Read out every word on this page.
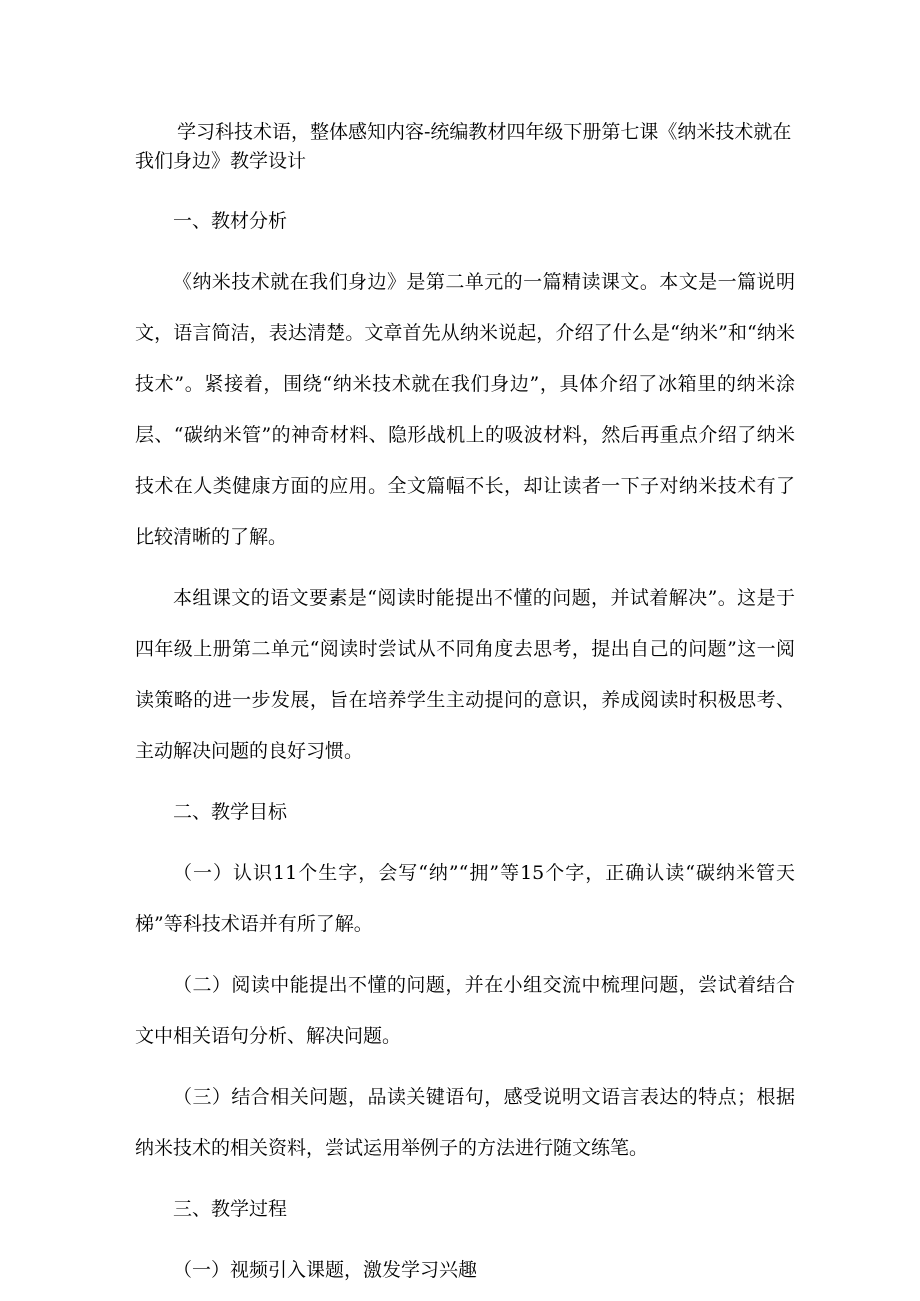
学习科技术语，整体感知内容-统编教材四年级下册第七课《纳米技术就在我们身边》教学设计
一、教材分析

《纳米技术就在我们身边》是第二单元的一篇精读课文。本文是一篇说明文，语言简洁，表达清楚。文章首先从纳米说起，介绍了什么是“纳米”和“纳米技术”。紧接着，围绕“纳米技术就在我们身边”，具体介绍了冰箱里的纳米涂层、“碳纳米管”的神奇材料、隐形战机上的吸波材料，然后再重点介绍了纳米技术在人类健康方面的应用。全文篇幅不长，却让读者一下子对纳米技术有了比较清晰的了解。

本组课文的语文要素是“阅读时能提出不懂的问题，并试着解决”。这是于四年级上册第二单元“阅读时尝试从不同角度去思考，提出自己的问题”这一阅读策略的进一步发展，旨在培养学生主动提问的意识，养成阅读时积极思考、主动解决问题的良好习惯。

二、教学目标

（一）认识11个生字，会写“纳”“拥”等15个字，正确认读“碳纳米管天梯”等科技术语并有所了解。

（二）阅读中能提出不懂的问题，并在小组交流中梳理问题，尝试着结合文中相关语句分析、解决问题。

（三）结合相关问题，品读关键语句，感受说明文语言表达的特点；根据纳米技术的相关资料，尝试运用举例子的方法进行随文练笔。

三、教学过程

（一）视频引入课题，激发学习兴趣
